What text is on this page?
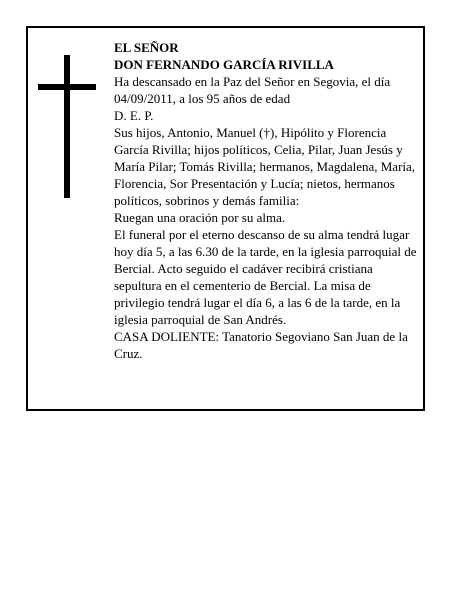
EL SEÑOR

DON FERNANDO GARCÍA RIVILLA

Ha descansado en la Paz del Señor en Segovia, el día 04/09/2011, a los 95 años de edad

D. E. P.

Sus hijos, Antonio, Manuel (†), Hipólito y Florencia García Rivilla; hijos políticos, Celia, Pilar, Juan Jesús y María Pilar; Tomás Rivilla; hermanos, Magdalena, María, Florencia, Sor Presentación y Lucía; nietos, hermanos políticos, sobrinos y demás familia:

Ruegan una oración por su alma.

El funeral por el eterno descanso de su alma tendrá lugar hoy día 5, a las 6.30 de la tarde, en la iglesia parroquial de Bercial. Acto seguido el cadáver recibirá cristiana sepultura en el cementerio de Bercial. La misa de privilegio tendrá lugar el día 6, a las 6 de la tarde, en la iglesia parroquial de San Andrés.

CASA DOLIENTE: Tanatorio Segoviano San Juan de la Cruz.
